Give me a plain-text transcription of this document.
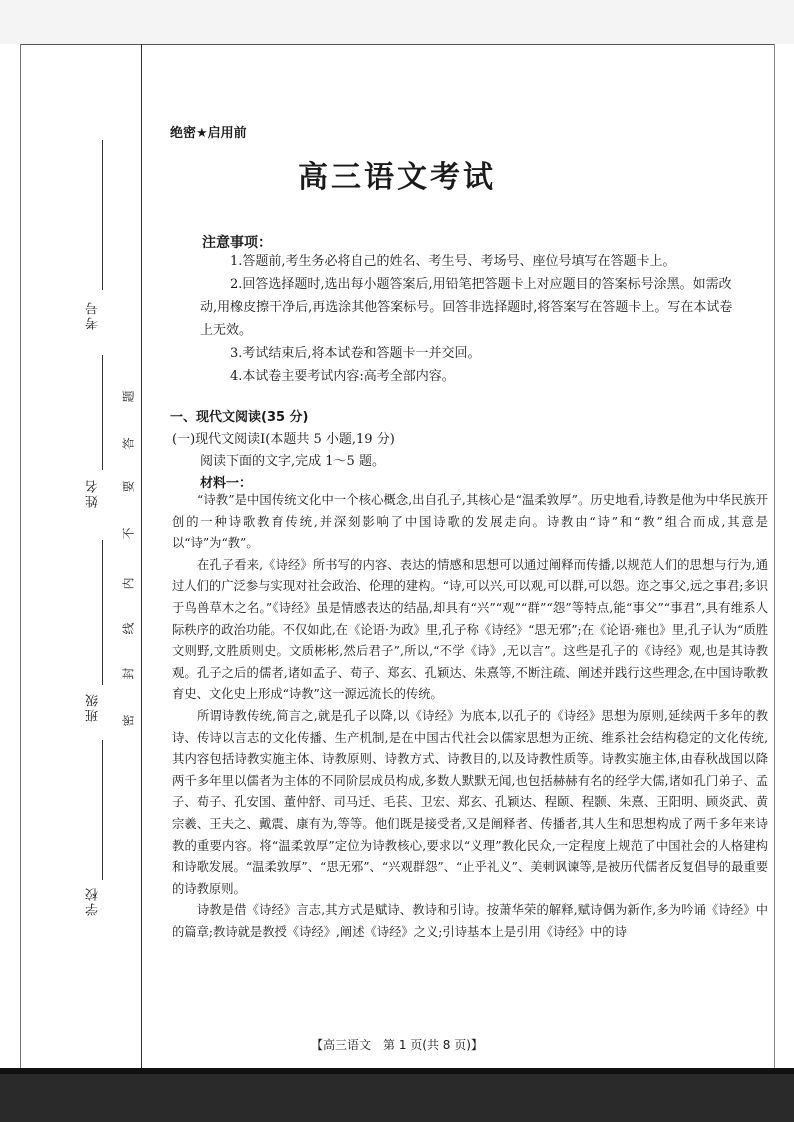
考号
姓名
班级
学校
密
封
线
内
不
要
答
题
绝密★启用前
高三语文考试
注意事项：

1.答题前,考生务必将自己的姓名、考生号、考场号、座位号填写在答题卡上。

2.回答选择题时,选出每小题答案后,用铅笔把答题卡上对应题目的答案标号涂黑。如需改动,用橡皮擦干净后,再选涂其他答案标号。回答非选择题时,将答案写在答题卡上。写在本试卷上无效。

3.考试结束后,将本试卷和答题卡一并交回。

4.本试卷主要考试内容:高考全部内容。

一、现代文阅读(35 分)
(一)现代文阅读Ⅰ(本题共 5 小题,19 分)
阅读下面的文字,完成 1～5 题。
材料一：

“诗教”是中国传统文化中一个核心概念,出自孔子,其核心是“温柔敦厚”。历史地看,诗教是他为中华民族开创的一种诗歌教育传统,并深刻影响了中国诗歌的发展走向。诗教由“诗”和“教”组合而成,其意是以“诗”为“教”。

在孔子看来,《诗经》所书写的内容、表达的情感和思想可以通过阐释而传播,以规范人们的思想与行为,通过人们的广泛参与实现对社会政治、伦理的建构。“诗,可以兴,可以观,可以群,可以怨。迩之事父,远之事君;多识于鸟兽草木之名。”《诗经》虽是情感表达的结晶,却具有“兴”“观”“群”“怨”等特点,能“事父”“事君”,具有维系人际秩序的政治功能。不仅如此,在《论语·为政》里,孔子称《诗经》“思无邪”;在《论语·雍也》里,孔子认为“质胜文则野,文胜质则史。文质彬彬,然后君子”,所以,“不学《诗》,无以言”。这些是孔子的《诗经》观,也是其诗教观。孔子之后的儒者,诸如孟子、荀子、郑玄、孔颖达、朱熹等,不断注疏、阐述并践行这些理念,在中国诗歌教育史、文化史上形成“诗教”这一源远流长的传统。

所谓诗教传统,简言之,就是孔子以降,以《诗经》为底本,以孔子的《诗经》思想为原则,延续两千多年的教诗、传诗以言志的文化传播、生产机制,是在中国古代社会以儒家思想为正统、维系社会结构稳定的文化传统,其内容包括诗教实施主体、诗教原则、诗教方式、诗教目的,以及诗教性质等。诗教实施主体,由春秋战国以降两千多年里以儒者为主体的不同阶层成员构成,多数人默默无闻,也包括赫赫有名的经学大儒,诸如孔门弟子、孟子、荀子、孔安国、董仲舒、司马迁、毛苌、卫宏、郑玄、孔颖达、程颐、程颢、朱熹、王阳明、顾炎武、黄宗羲、王夫之、戴震、康有为,等等。他们既是接受者,又是阐释者、传播者,其人生和思想构成了两千多年来诗教的重要内容。将“温柔敦厚”定位为诗教核心,要求以“义理”教化民众,一定程度上规范了中国社会的人格建构和诗歌发展。“温柔敦厚”、“思无邪”、“兴观群怨”、“止乎礼义”、美刺讽谏等,是被历代儒者反复倡导的最重要的诗教原则。

诗教是借《诗经》言志,其方式是赋诗、教诗和引诗。按萧华荣的解释,赋诗偶为新作,多为吟诵《诗经》中的篇章;教诗就是教授《诗经》,阐述《诗经》之义;引诗基本上是引用《诗经》中的诗

【高三语文　第 1 页(共 8 页)】
